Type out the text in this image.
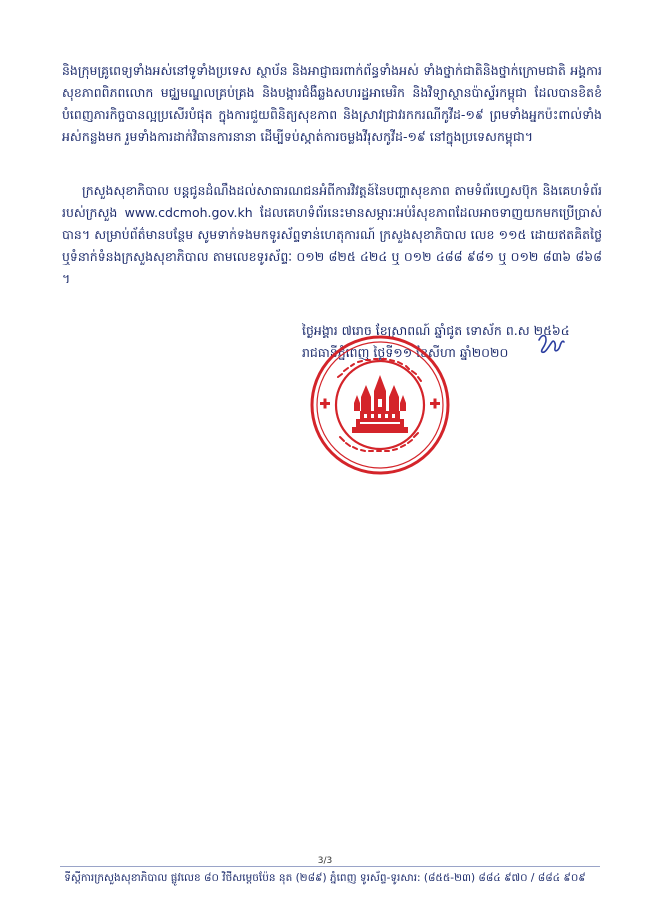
និងក្រុមគ្រូពេទ្យទាំងអស់នៅទូទាំងប្រទេស ស្ថាប័ន និងអាជ្ញាធរពាក់ព័ន្ធទាំងអស់ ទាំងថ្នាក់ជាតិនិងថ្នាក់ក្រោមជាតិ អង្គការសុខភាពពិភពលោក មជ្ឈមណ្ឌលគ្រប់គ្រង និងបង្ការជំងឺឆ្លងសហរដ្ឋអាមេរិក និងវិទ្យាស្ថានប៉ាស្ទ័រកម្ពុជា ដែលបានខិតខំបំពេញភារកិច្ចបានល្អប្រសើរបំផុត ក្នុងការជួយពិនិត្យសុខភាព និងស្រាវជ្រាវរកករណីកូវីដ-១៩ ព្រមទាំងអ្នកប៉ះពាល់ទាំងអស់កន្លងមក រួមទាំងការដាក់វិធានការនានា ដើម្បីទប់ស្កាត់ការចម្លងវីរុសកូវីដ-១៩ នៅក្នុងប្រទេសកម្ពុជា។

ក្រសួងសុខាភិបាល បន្តជូនដំណឹងដល់សាធារណជនអំពីការវិវត្តន៍នៃបញ្ហាសុខភាព តាមទំព័រហ្វេសប៊ុក និងគេហទំព័ររបស់ក្រសួង www.cdcmoh.gov.kh ដែលគេហទំព័រនេះមានសម្ភារៈអប់រំសុខភាពដែលអាចទាញយកមកប្រើប្រាស់បាន។ សម្រាប់ព័ត៌មានបន្ថែម សូមទាក់ទងមកទូរស័ព្ទទាន់ហេតុការណ៍ ក្រសួងសុខាភិបាល លេខ ១១៥ ដោយឥតគិតថ្លៃ ឬទំនាក់ទំនងក្រសួងសុខាភិបាល តាមលេខទូរស័ព្ទៈ ០១២ ៨២៥ ៤២៤ ឬ ០១២ ៤៨៨ ៩៨១ ឬ ០១២ ៨៣៦ ៨៦៨ ។

ថ្ងៃអង្គារ ៧រោច ខែស្រាពណ៍ ឆ្នាំជូត ទោស័ក ព.ស ២៥៦៤
រាជធានីភ្នំពេញ ថ្ងៃទី១១ ខែសីហា ឆ្នាំ២០២០
3/3
ទីស្តីការក្រសួងសុខាភិបាល ផ្លូវលេខ ៨០ វិថីសម្តេចប៉ែន នុត (២៨៩) ភ្នំពេញ ទូរស័ព្ទ-ទូរសារ: (៨៥៥-២៣) ៨៨៤ ៩៧០ / ៨៨៤ ៩០៩
